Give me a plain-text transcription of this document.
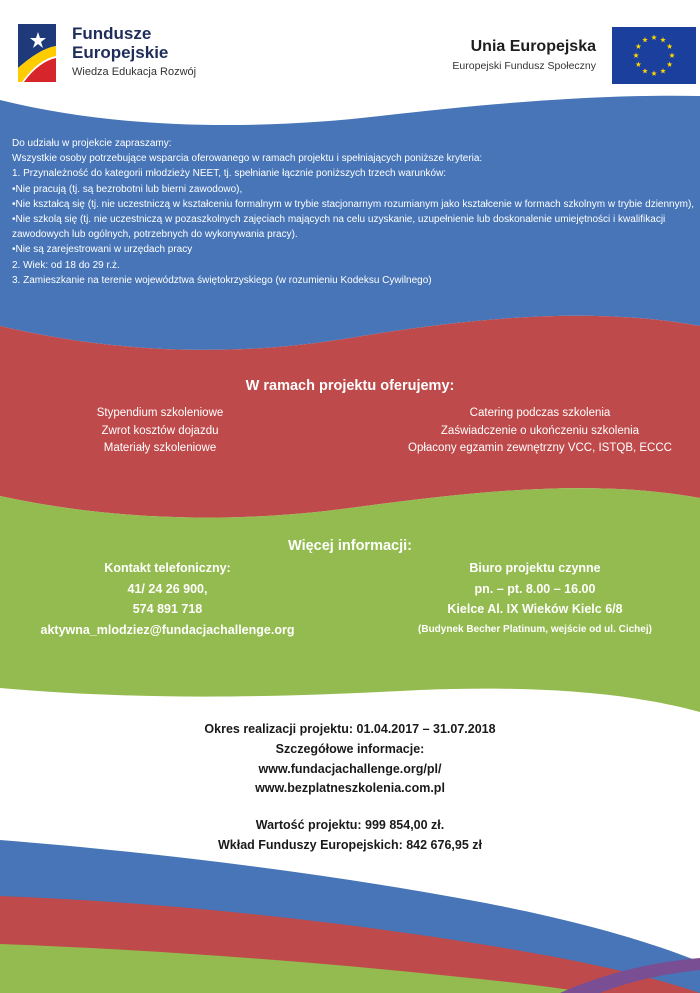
Fundusze
Europejskie
Wiedza Edukacja Rozwój
Unia Europejska
Europejski Fundusz Społeczny
Do udziału w projekcie zapraszamy:
Wszystkie osoby potrzebujące wsparcia oferowanego w ramach projektu i spełniających poniższe kryteria:
1. Przynależność do kategorii młodzieży NEET, tj. spełnianie łącznie poniższych trzech warunków:
•Nie pracują (tj. są bezrobotni lub bierni zawodowo),
•Nie kształcą się (tj. nie uczestniczą w kształceniu formalnym w trybie stacjonarnym rozumianym jako kształcenie w formach szkolnym w trybie dziennym),
•Nie szkolą się (tj. nie uczestniczą w pozaszkolnych zajęciach mających na celu uzyskanie, uzupełnienie lub doskonalenie umiejętności i kwalifikacji zawodowych lub ogólnych, potrzebnych do wykonywania pracy).
•Nie są zarejestrowani w urzędach pracy
2. Wiek: od 18 do 29 r.ż.
3. Zamieszkanie na terenie województwa świętokrzyskiego (w rozumieniu Kodeksu Cywilnego)
W ramach projektu oferujemy:
Stypendium szkoleniowe
Zwrot kosztów dojazdu
Materiały szkoleniowe
Catering podczas szkolenia
Zaświadczenie o ukończeniu szkolenia
Opłacony egzamin zewnętrzny VCC, ISTQB, ECCC
Więcej informacji:
Kontakt telefoniczny:
41/ 24 26 900,
574 891 718
aktywna_mlodziez@fundacjachallenge.org
Biuro projektu czynne
pn. – pt. 8.00 – 16.00
Kielce Al. IX Wieków Kielc 6/8
(Budynek Becher Platinum, wejście od ul. Cichej)
Okres realizacji projektu: 01.04.2017 – 31.07.2018
Szczegółowe informacje:
www.fundacjachallenge.org/pl/
www.bezplatneszkolenia.com.pl
Wartość projektu: 999 854,00 zł.
Wkład Funduszy Europejskich: 842 676,95 zł
